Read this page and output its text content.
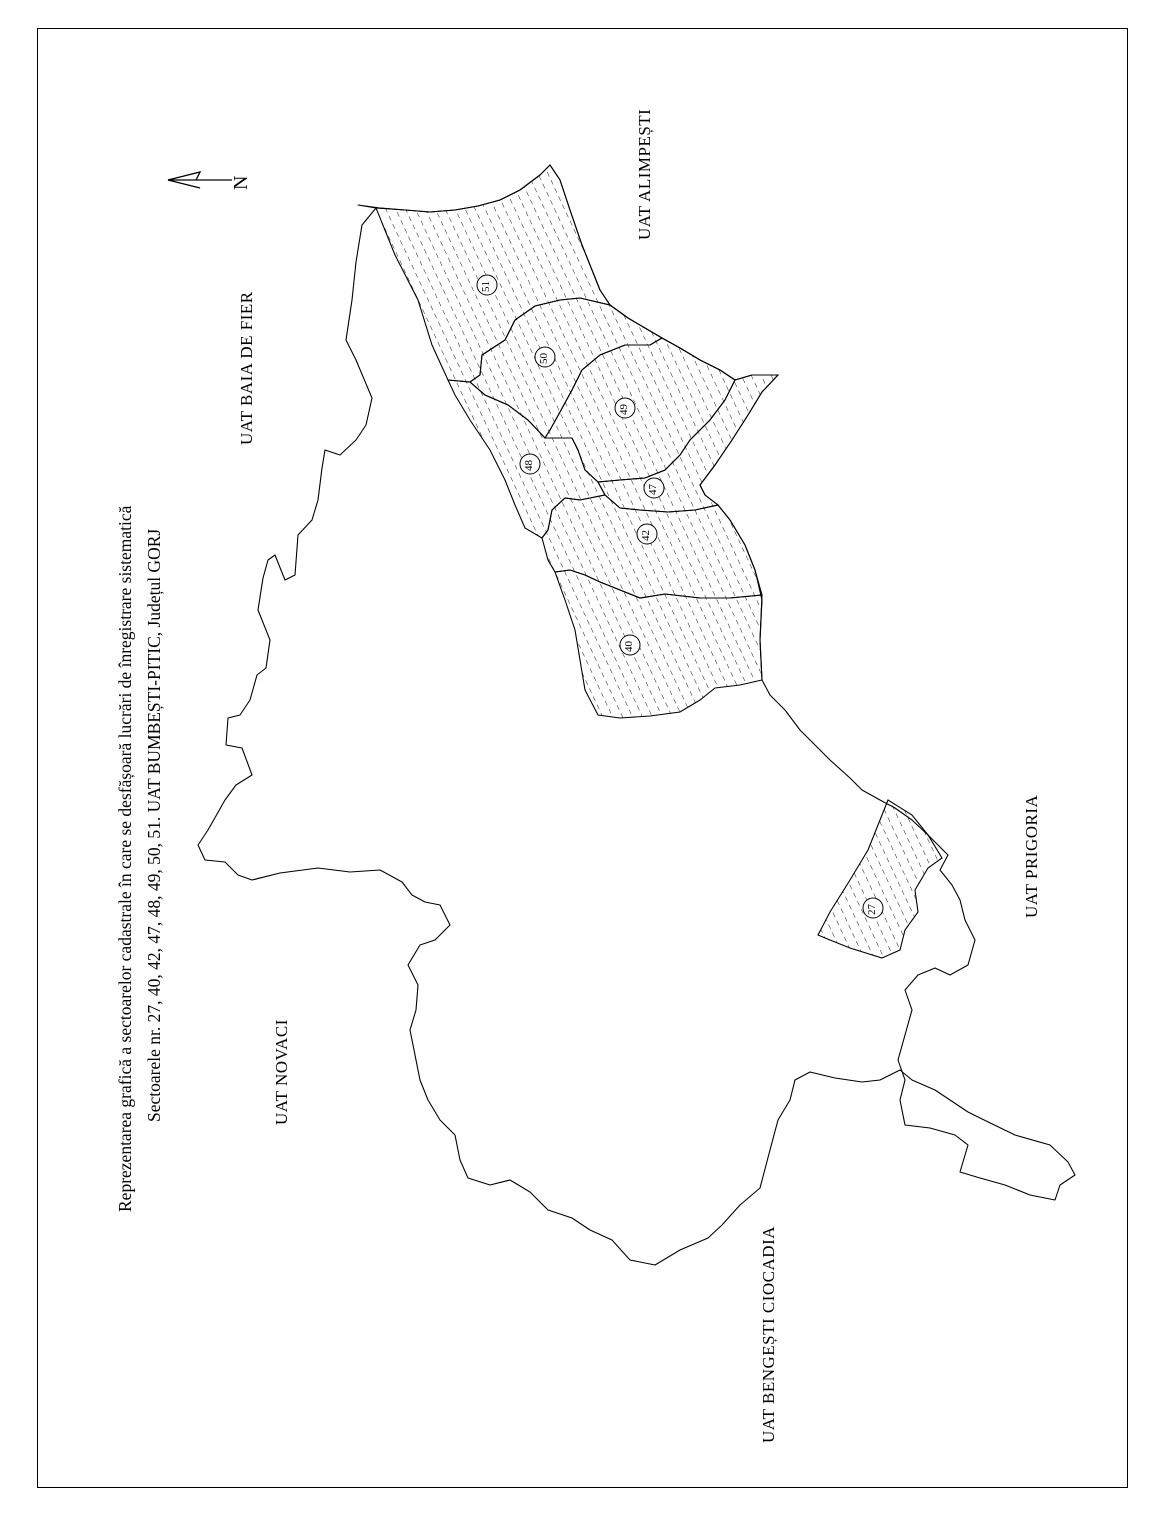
N
Reprezentarea grafică a sectoarelor cadastrale în care se desfășoară lucrări de înregistrare sistematică Sectoarele nr. 27, 40, 42, 47, 48, 49, 50, 51. UAT BUMBEȘTI-PITIC, Județul GORJ
UAT BAIA DE FIER
UAT ALIMPEȘTI
UAT NOVACI
UAT PRIGORIA
UAT BENGEȘTI CIOCADIA
51
50
49
48
47
42
40
27
